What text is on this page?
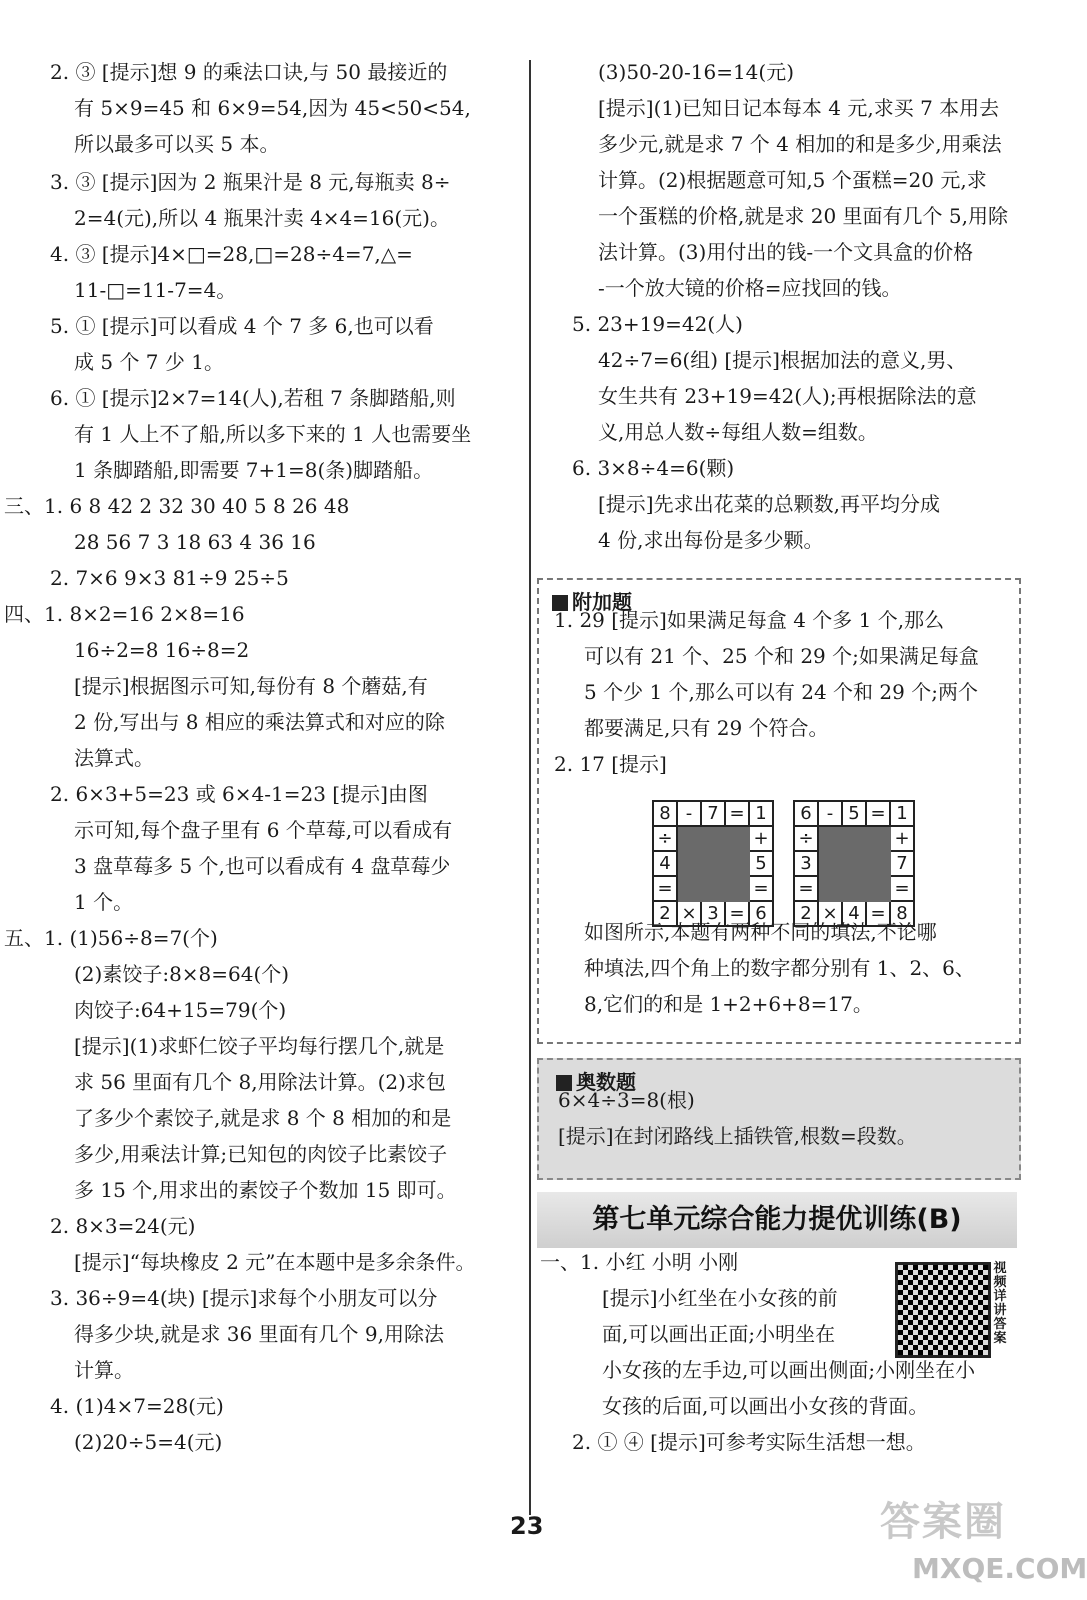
2. ③ [提示]想 9 的乘法口诀,与 50 最接近的
有 5×9=45 和 6×9=54,因为 45<50<54,
所以最多可以买 5 本。
3. ③ [提示]因为 2 瓶果汁是 8 元,每瓶卖 8÷
2=4(元),所以 4 瓶果汁卖 4×4=16(元)。
4. ③ [提示]4×□=28,□=28÷4=7,△=
11-□=11-7=4。
5. ① [提示]可以看成 4 个 7 多 6,也可以看
成 5 个 7 少 1。
6. ① [提示]2×7=14(人),若租 7 条脚踏船,则
有 1 人上不了船,所以多下来的 1 人也需要坐
1 条脚踏船,即需要 7+1=8(条)脚踏船。
三、1. 6 8 42 2 32 30 40 5 8 26 48
28 56 7 3 18 63 4 36 16
2. 7×6 9×3 81÷9 25÷5
四、1. 8×2=16 2×8=16
16÷2=8 16÷8=2
[提示]根据图示可知,每份有 8 个蘑菇,有
2 份,写出与 8 相应的乘法算式和对应的除
法算式。
2. 6×3+5=23 或 6×4-1=23 [提示]由图
示可知,每个盘子里有 6 个草莓,可以看成有
3 盘草莓多 5 个,也可以看成有 4 盘草莓少
1 个。
五、1. (1)56÷8=7(个)
(2)素饺子:8×8=64(个)
肉饺子:64+15=79(个)
[提示](1)求虾仁饺子平均每行摆几个,就是
求 56 里面有几个 8,用除法计算。(2)求包
了多少个素饺子,就是求 8 个 8 相加的和是
多少,用乘法计算;已知包的肉饺子比素饺子
多 15 个,用求出的素饺子个数加 15 即可。
2. 8×3=24(元)
[提示]“每块橡皮 2 元”在本题中是多余条件。
3. 36÷9=4(块) [提示]求每个小朋友可以分
得多少块,就是求 36 里面有几个 9,用除法
计算。
4. (1)4×7=28(元)
(2)20÷5=4(元)
(3)50-20-16=14(元)
[提示](1)已知日记本每本 4 元,求买 7 本用去
多少元,就是求 7 个 4 相加的和是多少,用乘法
计算。(2)根据题意可知,5 个蛋糕=20 元,求
一个蛋糕的价格,就是求 20 里面有几个 5,用除
法计算。(3)用付出的钱-一个文具盒的价格
-一个放大镜的价格=应找回的钱。
5. 23+19=42(人)
42÷7=6(组) [提示]根据加法的意义,男、
女生共有 23+19=42(人);再根据除法的意
义,用总人数÷每组人数=组数。
6. 3×8÷4=6(颗)
[提示]先求出花菜的总颗数,再平均分成
4 份,求出每份是多少颗。
附加题
1. 29 [提示]如果满足每盒 4 个多 1 个,那么
可以有 21 个、25 个和 29 个;如果满足每盒
5 个少 1 个,那么可以有 24 个和 29 个;两个
都要满足,只有 29 个符合。
2. 17 [提示]
如图所示,本题有两种不同的填法,不论哪
种填法,四个角上的数字都分别有 1、2、6、
8,它们的和是 1+2+6+8=17。
8	-	7	=	1
÷				+
4				5
=				=
2	×	3	=	6
6	-	5	=	1
÷				+
3				7
=				=
2	×	4	=	8
奥数题
6×4÷3=8(根)
[提示]在封闭路线上插铁管,根数=段数。
第七单元综合能力提优训练(B)
一、1. 小红 小明 小刚
[提示]小红坐在小女孩的前
面,可以画出正面;小明坐在
小女孩的左手边,可以画出侧面;小刚坐在小
女孩的后面,可以画出小女孩的背面。
2. ① ④ [提示]可参考实际生活想一想。
视频详讲答案
23	答案圈
MXQE.COM
